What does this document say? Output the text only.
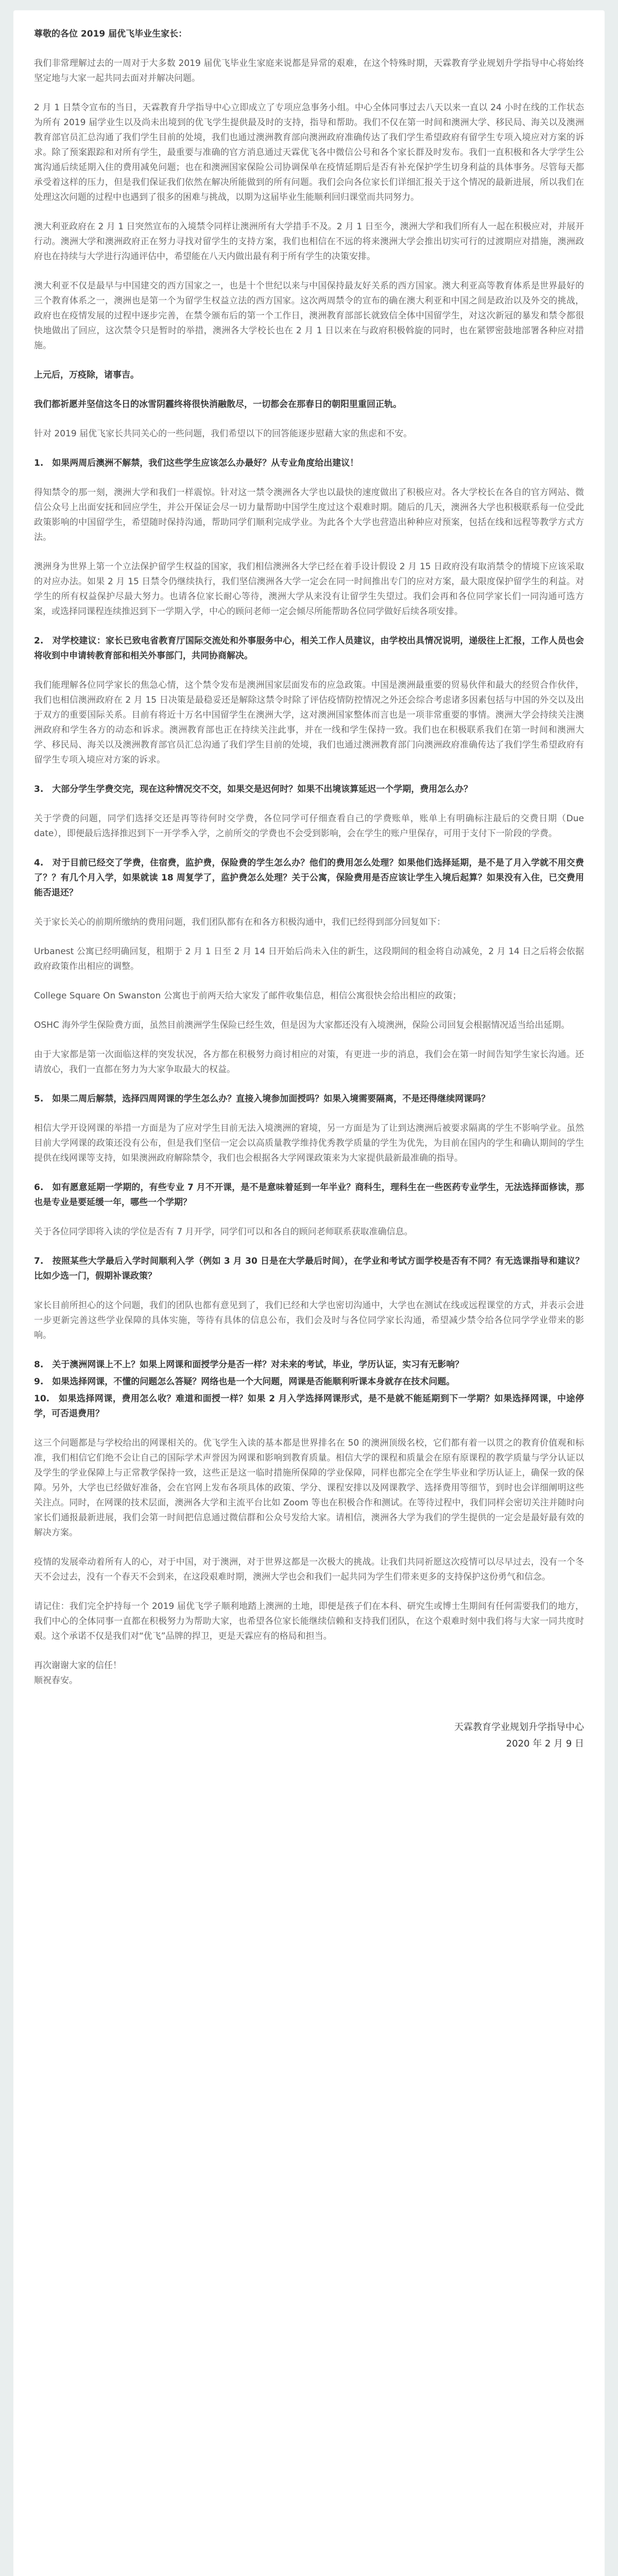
尊敬的各位 2019 届优飞毕业生家长：

我们非常理解过去的一周对于大多数 2019 届优飞毕业生家庭来说都是异常的艰难，在这个特殊时期，天霖教育学业规划升学指导中心将始终坚定地与大家一起共同去面对并解决问题。

2 月 1 日禁令宣布的当日，天霖教育升学指导中心立即成立了专项应急事务小组。中心全体同事过去八天以来一直以 24 小时在线的工作状态为所有 2019 届学业生以及尚未出境到的优飞学生提供最及时的支持，指导和帮助。我们不仅在第一时间和澳洲大学、移民局、海关以及澳洲教育部官员汇总沟通了我们学生目前的处境，我们也通过澳洲教育部向澳洲政府准确传达了我们学生希望政府有留学生专项入境应对方案的诉求。除了预案跟踪和对所有学生，最重要与准确的官方消息通过天霖优飞各中微信公号和各个家长群及时发布。我们一直积极和各大学学生公寓沟通后续延期入住的费用减免问题；也在和澳洲国家保险公司协调保单在疫情延期后是否有补充保护学生切身利益的具体事务。尽管每天都承受着这样的压力，但是我们保证我们依然在解决所能做到的所有问题。我们会向各位家长们详细汇报关于这个情况的最新进展，所以我们在处理这次问题的过程中也遇到了很多的困难与挑战，以期为这届毕业生能顺利回归课堂而共同努力。

澳大利亚政府在 2 月 1 日突然宣布的入境禁令同样让澳洲所有大学措手不及。2 月 1 日至今，澳洲大学和我们所有人一起在积极应对，并展开行动。澳洲大学和澳洲政府正在努力寻找对留学生的支持方案，我们也相信在不远的将来澳洲大学会推出切实可行的过渡期应对措施，澳洲政府也在持续与大学进行沟通评估中，希望能在八天内做出最有利于所有学生的决策安排。

澳大利亚不仅是最早与中国建交的西方国家之一，也是十个世纪以来与中国保持最友好关系的西方国家。澳大利亚高等教育体系是世界最好的三个教育体系之一，澳洲也是第一个为留学生权益立法的西方国家。这次两周禁令的宣布的确在澳大利亚和中国之间是政治以及外交的挑战，政府也在疫情发展的过程中逐步完善，在禁令颁布后的第一个工作日，澳洲教育部部长就致信全体中国留学生，对这次新冠的暴发和禁令都很快地做出了回应，这次禁令只是暂时的举措，澳洲各大学校长也在 2 月 1 日以来在与政府积极斡旋的同时，也在紧锣密鼓地部署各种应对措施。

上元后，万疫除，诸事吉。

我们都祈愿并坚信这冬日的冰雪阴霾终将很快消融散尽，一切都会在那春日的朝阳里重回正轨。

针对 2019 届优飞家长共同关心的一些问题，我们希望以下的回答能逐步慰藉大家的焦虑和不安。

1.　如果两周后澳洲不解禁，我们这些学生应该怎么办最好？从专业角度给出建议！

得知禁令的那一刻，澳洲大学和我们一样震惊。针对这一禁令澳洲各大学也以最快的速度做出了积极应对。各大学校长在各自的官方网站、微信公众号上出面安抚和回应学生，并公开保证会尽一切力量帮助中国学生度过这个艰难时期。随后的几天，澳洲各大学也积极联系每一位受此政策影响的中国留学生，希望随时保持沟通，帮助同学们顺利完成学业。为此各个大学也营造出种种应对预案，包括在线和远程等教学方式方法。

澳洲身为世界上第一个立法保护留学生权益的国家，我们相信澳洲各大学已经在着手设计假设 2 月 15 日政府没有取消禁令的情境下应该采取的对应办法。如果 2 月 15 日禁令仍继续执行，我们坚信澳洲各大学一定会在同一时间推出专门的应对方案，最大限度保护留学生的利益。对学生的所有权益保护尽最大努力。也请各位家长耐心等待，澳洲大学从来没有让留学生失望过。我们会再和各位同学家长们一同沟通可选方案，或选择同课程连续推迟到下一学期入学，中心的顾问老师一定会倾尽所能帮助各位同学做好后续各项安排。

2.　对学校建议：家长已致电省教育厅国际交流处和外事服务中心，相关工作人员建议，由学校出具情况说明，递级往上汇报，工作人员也会将收到中申请转教育部和相关外事部门，共同协商解决。

我们能理解各位同学家长的焦急心情，这个禁令发布是澳洲国家层面发布的应急政策。中国是澳洲最重要的贸易伙伴和最大的经贸合作伙伴，我们也相信澳洲政府在 2 月 15 日决策是最稳妥还是解除这禁令时除了评估疫情防控情况之外还会综合考虑诸多因素包括与中国的外交以及出于双方的重要国际关系。目前有将近十万名中国留学生在澳洲大学，这对澳洲国家整体而言也是一项非常重要的事情。澳洲大学会持续关注澳洲政府和学生各方的动态和诉求。澳洲教育部也正在持续关注此事，并在一线和学生保持一致。我们也在积极联系我们在第一时间和澳洲大学、移民局、海关以及澳洲教育部官员汇总沟通了我们学生目前的处境，我们也通过澳洲教育部门向澳洲政府准确传达了我们学生希望政府有留学生专项入境应对方案的诉求。

3.　大部分学生学费交完，现在这种情况交不交，如果交是迟何时？如果不出境该算延迟一个学期，费用怎么办？

关于学费的问题，同学们选择交还是再等待何时交学费，各位同学可仔细查看自己的学费账单，账单上有明确标注最后的交费日期（Due date），即便最后选择推迟到下一开学季入学，之前所交的学费也不会受到影响，会在学生的账户里保存，可用于支付下一阶段的学费。

4.　对于目前已经交了学费，住宿费，监护费，保险费的学生怎么办？他们的费用怎么处理？如果他们选择延期，是不是了月入学就不用交费了？？有几个月入学，如果就读 18 周复学了，监护费怎么处理？关于公寓，保险费用是否应该让学生入境后起算？如果没有入住，已交费用能否退还？

关于家长关心的前期所缴纳的费用问题，我们团队都有在和各方积极沟通中，我们已经得到部分回复如下：

Urbanest 公寓已经明确回复，租期于 2 月 1 日至 2 月 14 日开始后尚未入住的新生，这段期间的租金将自动减免，2 月 14 日之后将会依据政府政策作出相应的调整。

College Square On Swanston 公寓也于前两天给大家发了邮件收集信息，相信公寓很快会给出相应的政策；

OSHC 海外学生保险费方面，虽然目前澳洲学生保险已经生效，但是因为大家都还没有入境澳洲，保险公司回复会根据情况适当给出延期。

由于大家都是第一次面临这样的突发状况，各方都在积极努力商讨相应的对策，有更进一步的消息，我们会在第一时间告知学生家长沟通。还请放心，我们一直都在努力为大家争取最大的权益。

5.　如果二周后解禁，选择四周网课的学生怎么办？直接入境参加面授吗？如果入境需要隔离，不是还得继续网课吗？

相信大学开设网课的举措一方面是为了应对学生目前无法入境澳洲的窘境，另一方面是为了让到达澳洲后被要求隔离的学生不影响学业。虽然目前大学网课的政策还没有公布，但是我们坚信一定会以高质量教学维持优秀教学质量的学生为优先，为目前在国内的学生和确认期间的学生提供在线网课等支持，如果澳洲政府解除禁令，我们也会根据各大学网课政策来为大家提供最新最准确的指导。

6.　如有愿意延期一学期的，有些专业 7 月不开课，是不是意味着延到一年半业？商科生，理科生在一些医药专业学生，无法选择面修读，那也是专业是要延缓一年，哪些一个学期？

关于各位同学即将入读的学位是否有 7 月开学，同学们可以和各自的顾问老师联系获取准确信息。

7.　按照某些大学最后入学时间顺利入学（例如 3 月 30 日是在大学最后时间），在学业和考试方面学校是否有不同？有无选课指导和建议？比如少选一门，假期补课政策？

家长目前所担心的这个问题，我们的团队也都有意见到了，我们已经和大学也密切沟通中，大学也在测试在线或远程课堂的方式，并表示会进一步更新完善这些学业保障的具体实施，等待有具体的信息公布，我们会及时与各位同学家长沟通，希望减少禁令给各位同学学业带来的影响。

8.　关于澳洲网课上不上？如果上网课和面授学分是否一样？对未来的考试，毕业，学历认证，实习有无影响？

9.　如果选择网课，不懂的问题怎么答疑？网络也是一个大问题，网课是否能顺利听课本身就存在技术问题。

10.　如果选择网课，费用怎么收？难道和面授一样？如果 2 月入学选择网课形式，是不是就不能延期到下一学期？如果选择网课，中途停学，可否退费用？

这三个问题都是与学校给出的网课相关的。优飞学生入读的基本都是世界排名在 50 的澳洲顶级名校，它们都有着一以贯之的教育价值观和标准，我们相信它们绝不会让自己的国际学术声誉因为网课和影响到教育质量。相信大学的课程和质量会在原有原课程的教学质量与学分认证以及学生的学业保障上与正常教学保持一致，这些正是这一临时措施所保障的学业保障，同样也都完全在学生毕业和学历认证上，确保一致的保障。另外，大学也已经做好准备，会在官网上发布各项具体的政策、学分、课程安排以及网课教学、选择费用等细节，到时也会详细阐明这些关注点。同时，在网课的技术层面，澳洲各大学和主流平台比如 Zoom 等也在积极合作和测试。在等待过程中，我们同样会密切关注并随时向家长们通报最新进展，我们会第一时间把信息通过微信群和公众号发给大家。请相信，澳洲各大学为我们的学生提供的一定会是最好最有效的解决方案。

疫情的发展牵动着所有人的心，对于中国，对于澳洲，对于世界这都是一次极大的挑战。让我们共同祈愿这次疫情可以尽早过去，没有一个冬天不会过去，没有一个春天不会到来，在这段艰难时期，澳洲大学也会和我们一起共同为学生们带来更多的支持保护这份勇气和信念。

请记住：我们完全护持每一个 2019 届优飞学子顺利地踏上澳洲的土地，即便是孩子们在本科、研究生或博士生期间有任何需要我们的地方，我们中心的全体同事一直都在积极努力为帮助大家，也希望各位家长能继续信赖和支持我们团队，在这个艰难时刻中我们将与大家一同共度时艰。这个承诺不仅是我们对“优飞”品牌的捍卫，更是天霖应有的格局和担当。

再次谢谢大家的信任！

顺祝春安。

天霖教育学业规划升学指导中心

2020 年 2 月 9 日
